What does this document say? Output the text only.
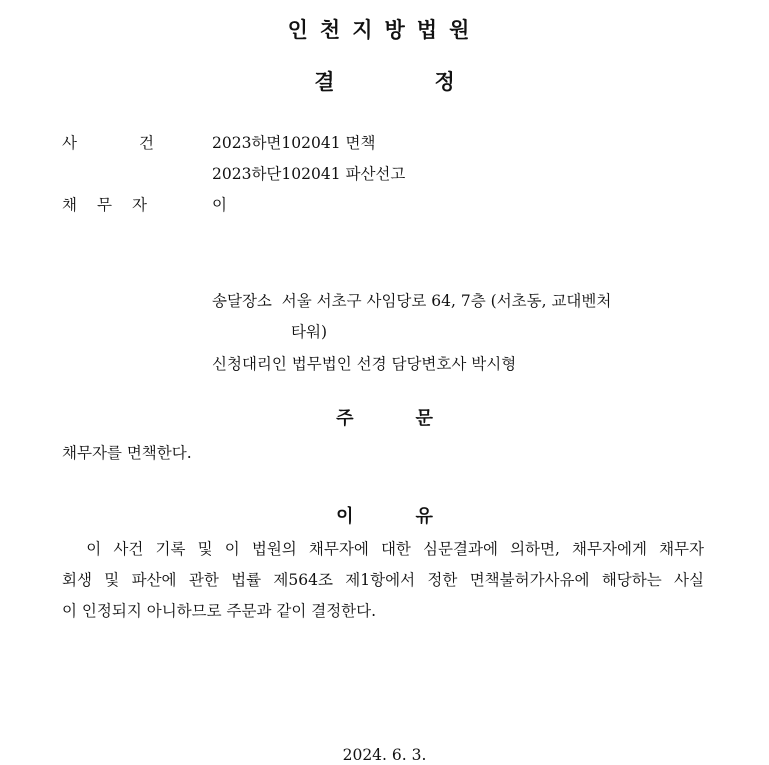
인천지방법원
결	정
사	건	2023하면102041 면책
2023하단102041 파산선고
채 무 자	이
송달장소 서울 서초구 사임당로 64, 7층 (서초동, 교대벤처
타워)
신청대리인 법무법인 선경 담당변호사 박시형
주	문
채무자를 면책한다.
이	유
이 사건 기록 및 이 법원의 채무자에 대한 심문결과에 의하면, 채무자에게 채무자
회생 및 파산에 관한 법률 제564조 제1항에서 정한 면책불허가사유에 해당하는 사실
이 인정되지 아니하므로 주문과 같이 결정한다.
2024. 6. 3.
